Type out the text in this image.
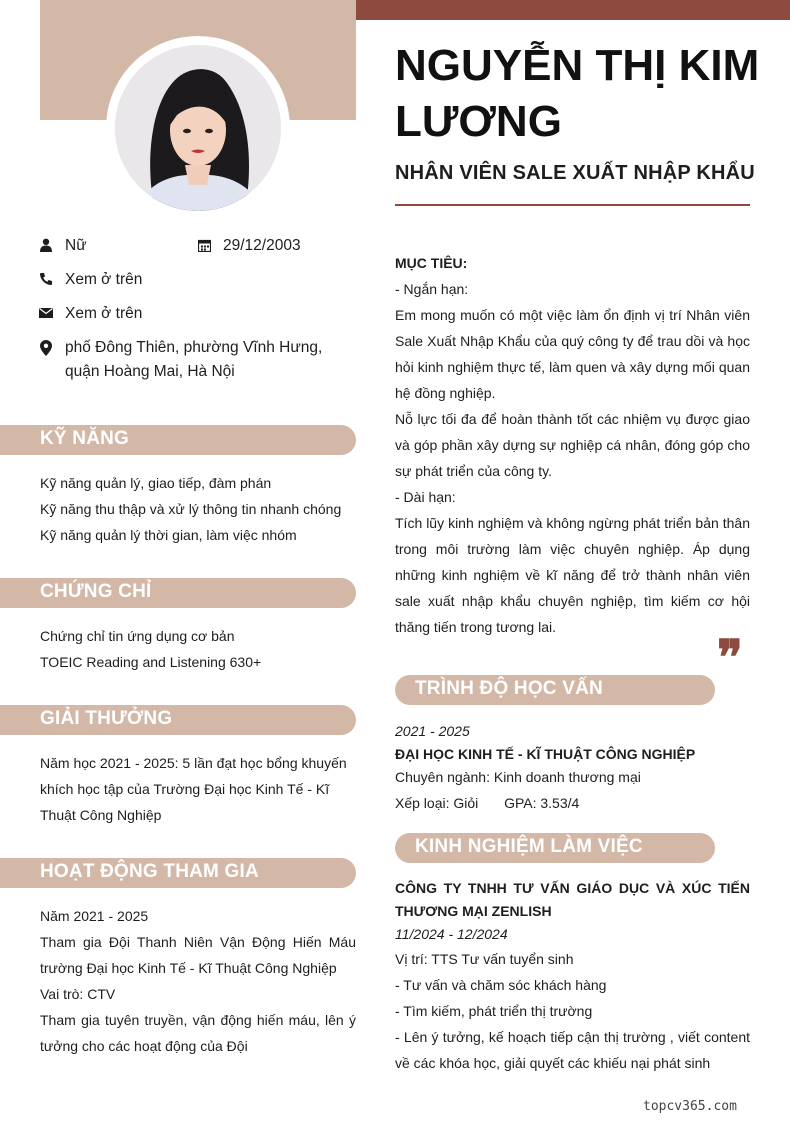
Nữ	29/12/2003
Xem ở trên
Xem ở trên
phố Đông Thiên, phường Vĩnh Hưng, quận Hoàng Mai, Hà Nội
KỸ NĂNG
Kỹ năng quản lý, giao tiếp, đàm phán
Kỹ năng thu thập và xử lý thông tin nhanh chóng
Kỹ năng quản lý thời gian, làm việc nhóm
CHỨNG CHỈ
Chứng chỉ tin ứng dụng cơ bản
TOEIC Reading and Listening 630+
GIẢI THƯỞNG
Năm học 2021 - 2025: 5 lần đạt học bổng khuyến khích học tập của Trường Đại học Kinh Tế - Kĩ Thuật Công Nghiệp
HOẠT ĐỘNG THAM GIA
Năm 2021 - 2025
Tham gia Đội Thanh Niên Vận Động Hiến Máu trường Đại học Kinh Tế - Kĩ Thuật Công Nghiệp
Vai trò: CTV
Tham gia tuyên truyền, vận động hiến máu, lên ý tưởng cho các hoạt động của Đội
NGUYỄN THỊ KIM LƯƠNG
NHÂN VIÊN SALE XUẤT NHẬP KHẨU
MỤC TIÊU:
- Ngắn hạn:
Em mong muốn có một việc làm ổn định vị trí Nhân viên Sale Xuất Nhập Khẩu của quý công ty để trau dồi và học hỏi kinh nghiệm thực tế, làm quen và xây dựng mối quan hệ đồng nghiệp.
Nỗ lực tối đa để hoàn thành tốt các nhiệm vụ được giao và góp phần xây dựng sự nghiệp cá nhân, đóng góp cho sự phát triển của công ty.
- Dài hạn:
Tích lũy kinh nghiệm và không ngừng phát triển bản thân trong môi trường làm việc chuyên nghiệp. Áp dụng những kinh nghiệm về kĩ năng để trở thành nhân viên sale xuất nhập khẩu chuyên nghiệp, tìm kiếm cơ hội thăng tiến trong tương lai.
❞
TRÌNH ĐỘ HỌC VẤN
2021 - 2025
ĐẠI HỌC KINH TẾ - KĨ THUẬT CÔNG NGHIỆP
Chuyên ngành: Kinh doanh thương mại
Xếp loại: Giỏi GPA: 3.53/4
KINH NGHIỆM LÀM VIỆC
CÔNG TY TNHH TƯ VẤN GIÁO DỤC VÀ XÚC TIẾN THƯƠNG MẠI ZENLISH
11/2024 - 12/2024
Vị trí: TTS Tư vấn tuyển sinh
- Tư vấn và chăm sóc khách hàng
- Tìm kiếm, phát triển thị trường
- Lên ý tưởng, kế hoạch tiếp cận thị trường , viết content về các khóa học, giải quyết các khiếu nại phát sinh
topcv365.com
